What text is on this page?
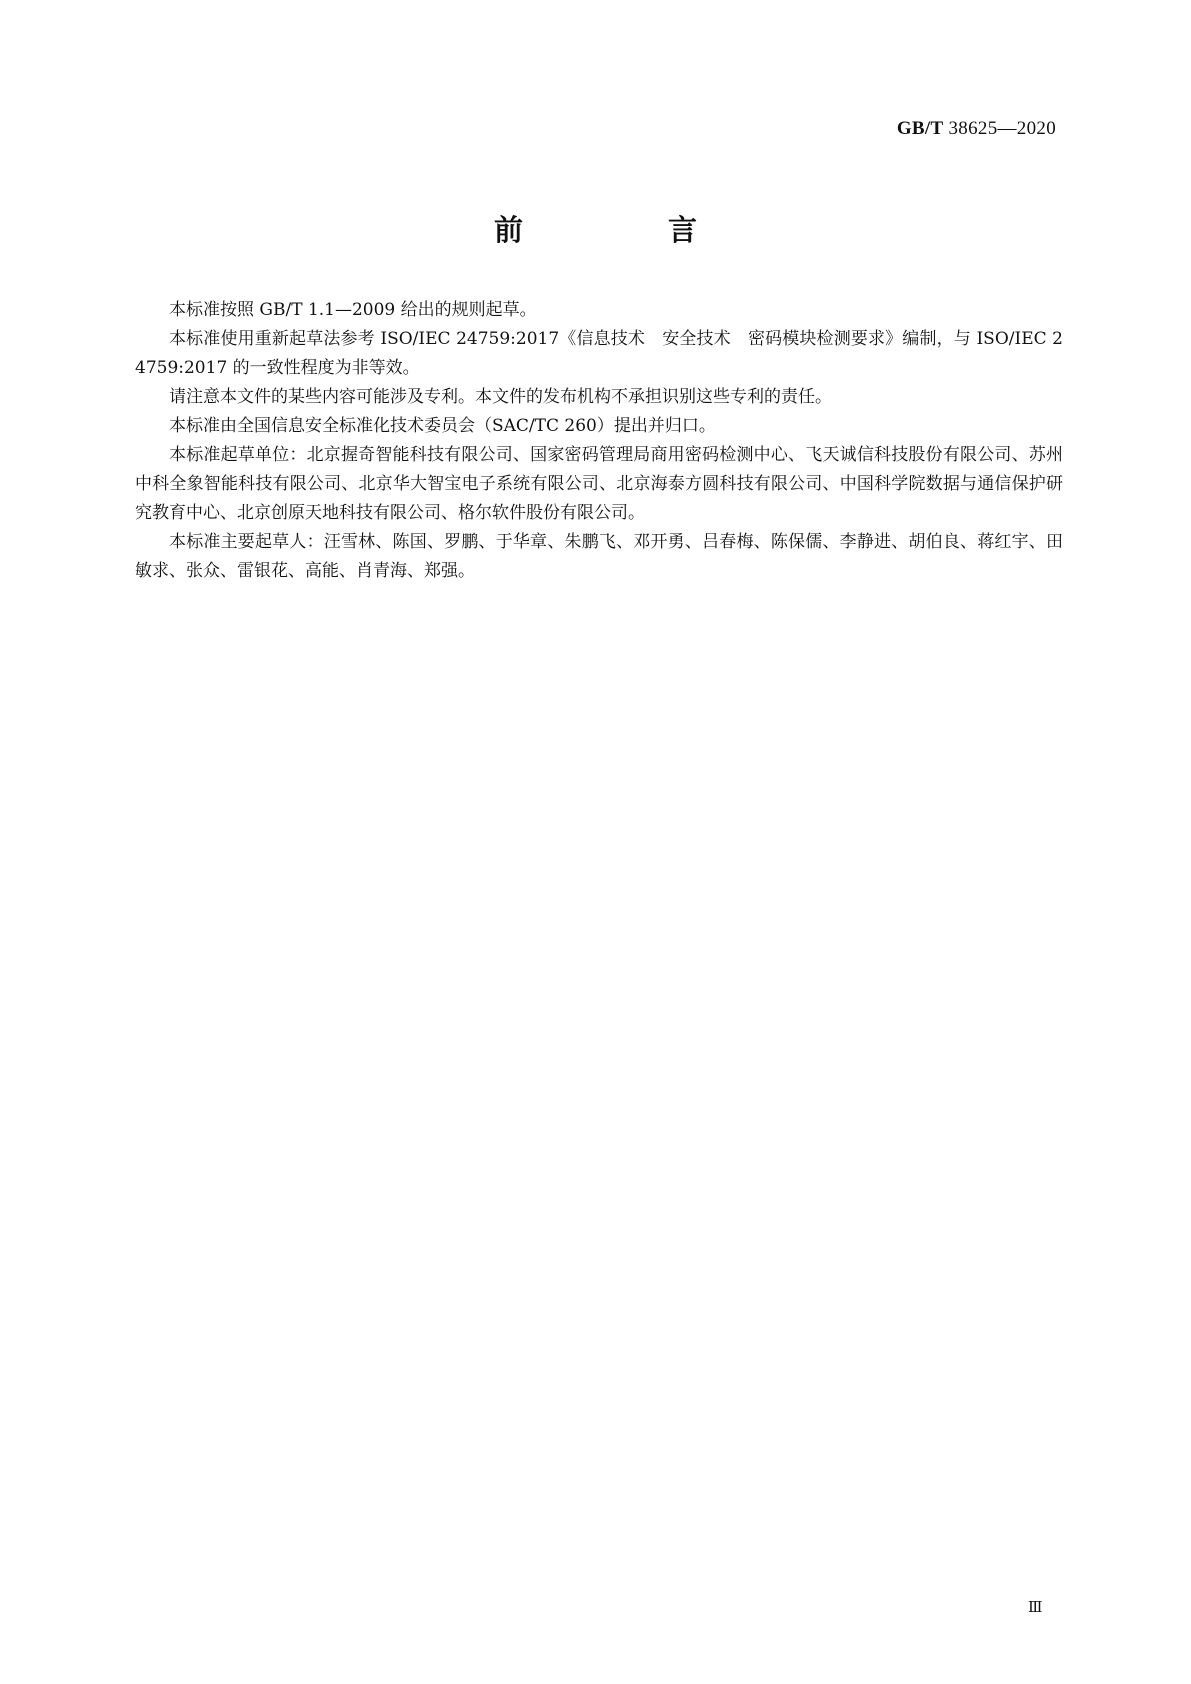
GB/T 38625—2020
前　言

本标准按照 GB/T 1.1—2009 给出的规则起草。

本标准使用重新起草法参考 ISO/IEC 24759:2017《信息技术　安全技术　密码模块检测要求》编制，与 ISO/IEC 24759:2017 的一致性程度为非等效。

请注意本文件的某些内容可能涉及专利。本文件的发布机构不承担识别这些专利的责任。

本标准由全国信息安全标准化技术委员会（SAC/TC 260）提出并归口。

本标准起草单位：北京握奇智能科技有限公司、国家密码管理局商用密码检测中心、飞天诚信科技股份有限公司、苏州中科全象智能科技有限公司、北京华大智宝电子系统有限公司、北京海泰方圆科技有限公司、中国科学院数据与通信保护研究教育中心、北京创原天地科技有限公司、格尔软件股份有限公司。

本标准主要起草人：汪雪林、陈国、罗鹏、于华章、朱鹏飞、邓开勇、吕春梅、陈保儒、李静进、胡伯良、蒋红宇、田敏求、张众、雷银花、高能、肖青海、郑强。

Ⅲ
